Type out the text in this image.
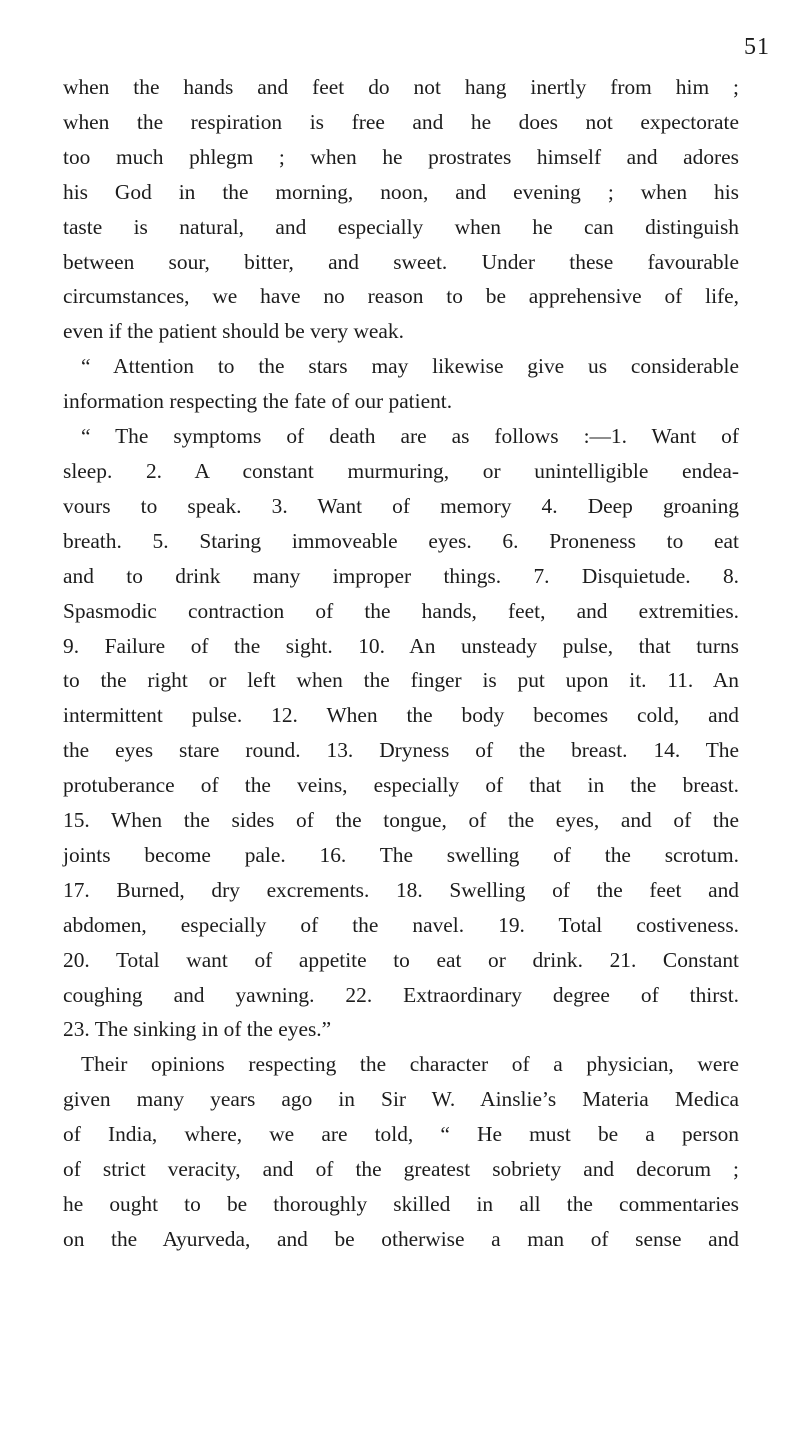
51
when the hands and feet do not hang inertly from him ;
when the respiration is free and he does not expectorate
too much phlegm ; when he prostrates himself and adores
his God in the morning, noon, and evening ; when his
taste is natural, and especially when he can distinguish
between sour, bitter, and sweet. Under these favourable
circumstances, we have no reason to be apprehensive of life,
even if the patient should be very weak.
“ Attention to the stars may likewise give us considerable
information respecting the fate of our patient.
“ The symptoms of death are as follows :—1. Want of
sleep. 2. A constant murmuring, or unintelligible endea-
vours to speak. 3. Want of memory 4. Deep groaning
breath. 5. Staring immoveable eyes. 6. Proneness to eat
and to drink many improper things. 7. Disquietude. 8.
Spasmodic contraction of the hands, feet, and extremities.
9. Failure of the sight. 10. An unsteady pulse, that turns
to the right or left when the finger is put upon it. 11. An
intermittent pulse. 12. When the body becomes cold, and
the eyes stare round. 13. Dryness of the breast. 14. The
protuberance of the veins, especially of that in the breast.
15. When the sides of the tongue, of the eyes, and of the
joints become pale. 16. The swelling of the scrotum.
17. Burned, dry excrements. 18. Swelling of the feet and
abdomen, especially of the navel. 19. Total costiveness.
20. Total want of appetite to eat or drink. 21. Constant
coughing and yawning. 22. Extraordinary degree of thirst.
23. The sinking in of the eyes.”
Their opinions respecting the character of a physician, were
given many years ago in Sir W. Ainslie’s Materia Medica
of India, where, we are told, “ He must be a person
of strict veracity, and of the greatest sobriety and decorum ;
he ought to be thoroughly skilled in all the commentaries
on the Ayurveda, and be otherwise a man of sense and
